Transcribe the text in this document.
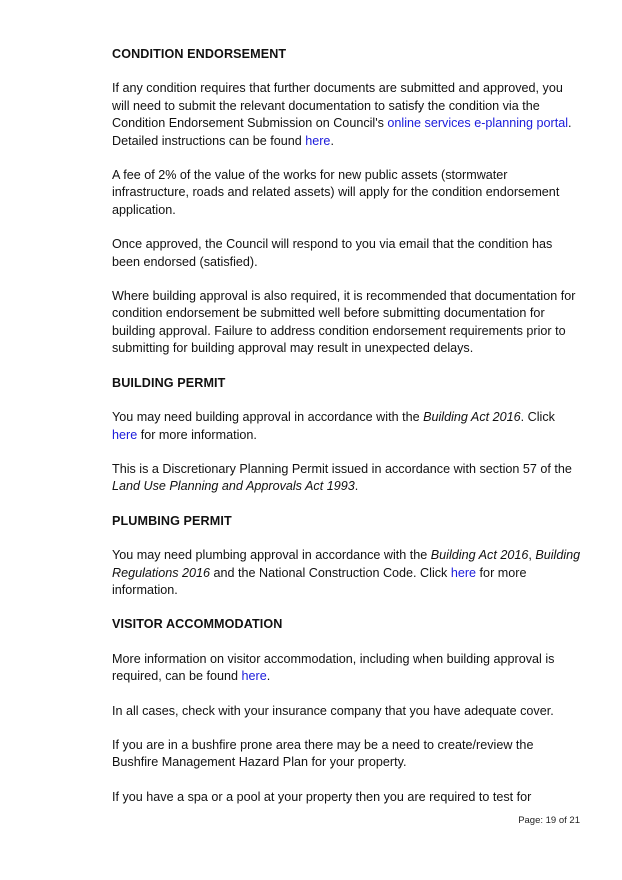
CONDITION ENDORSEMENT

If any condition requires that further documents are submitted and approved, you will need to submit the relevant documentation to satisfy the condition via the Condition Endorsement Submission on Council's online services e-planning portal. Detailed instructions can be found here.

A fee of 2% of the value of the works for new public assets (stormwater infrastructure, roads and related assets) will apply for the condition endorsement application.

Once approved, the Council will respond to you via email that the condition has been endorsed (satisfied).

Where building approval is also required, it is recommended that documentation for condition endorsement be submitted well before submitting documentation for building approval. Failure to address condition endorsement requirements prior to submitting for building approval may result in unexpected delays.

BUILDING PERMIT

You may need building approval in accordance with the Building Act 2016. Click here for more information.

This is a Discretionary Planning Permit issued in accordance with section 57 of the Land Use Planning and Approvals Act 1993.

PLUMBING PERMIT

You may need plumbing approval in accordance with the Building Act 2016, Building Regulations 2016 and the National Construction Code. Click here for more information.

VISITOR ACCOMMODATION

More information on visitor accommodation, including when building approval is required, can be found here.

In all cases, check with your insurance company that you have adequate cover.

If you are in a bushfire prone area there may be a need to create/review the Bushfire Management Hazard Plan for your property.

If you have a spa or a pool at your property then you are required to test for

Page: 19 of 21
